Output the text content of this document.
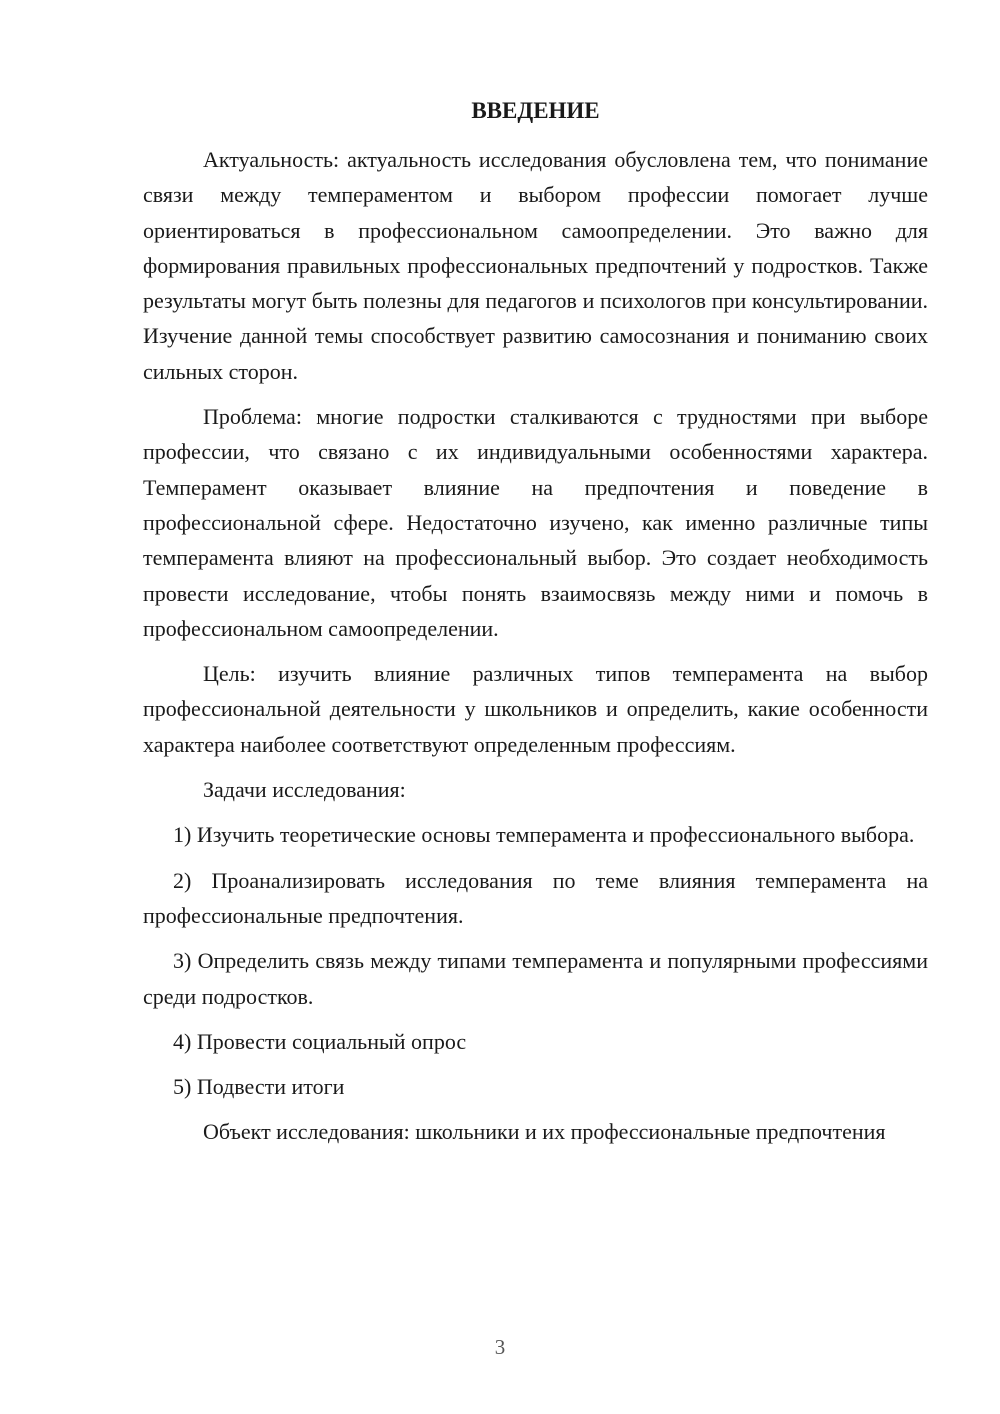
ВВЕДЕНИЕ

Актуальность: актуальность исследования обусловлена тем, что понимание связи между темпераментом и выбором профессии помогает лучше ориентироваться в профессиональном самоопределении. Это важно для формирования правильных профессиональных предпочтений у подростков. Также результаты могут быть полезны для педагогов и психологов при консультировании. Изучение данной темы способствует развитию самосознания и пониманию своих сильных сторон.

Проблема: многие подростки сталкиваются с трудностями при выборе профессии, что связано с их индивидуальными особенностями характера. Темперамент оказывает влияние на предпочтения и поведение в профессиональной сфере. Недостаточно изучено, как именно различные типы темперамента влияют на профессиональный выбор. Это создает необходимость провести исследование, чтобы понять взаимосвязь между ними и помочь в профессиональном самоопределении.

Цель: изучить влияние различных типов темперамента на выбор профессиональной деятельности у школьников и определить, какие особенности характера наиболее соответствуют определенным профессиям.

Задачи исследования:

1) Изучить теоретические основы темперамента и профессионального выбора.

2) Проанализировать исследования по теме влияния темперамента на профессиональные предпочтения.

3) Определить связь между типами темперамента и популярными профессиями среди подростков.

4) Провести социальный опрос

5) Подвести итоги

Объект исследования: школьники и их профессиональные предпочтения

3
